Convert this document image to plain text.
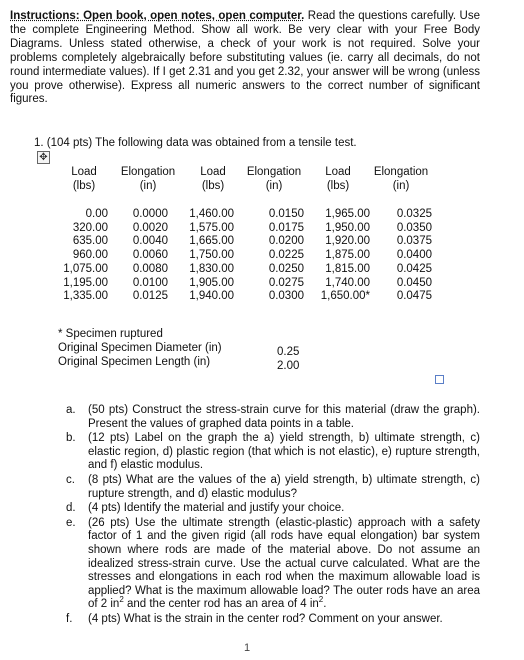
Instructions: Open book, open notes, open computer. Read the questions carefully. Use the complete Engineering Method. Show all work. Be very clear with your Free Body Diagrams. Unless stated otherwise, a check of your work is not required. Solve your problems completely algebraically before substituting values (ie. carry all decimals, do not round intermediate values). If I get 2.31 and you get 2.32, your answer will be wrong (unless you prove otherwise). Express all numeric answers to the correct number of significant figures.
1. (104 pts) The following data was obtained from a tensile test.
✥
Load
(lbs)
Elongation
(in)
Load
(lbs)
Elongation
(in)
Load
(lbs)
Elongation
(in)
0.00
320.00
635.00
960.00
1,075.00
1,195.00
1,335.00
0.0000
0.0020
0.0040
0.0060
0.0080
0.0100
0.0125
1,460.00
1,575.00
1,665.00
1,750.00
1,830.00
1,905.00
1,940.00
0.0150
0.0175
0.0200
0.0225
0.0250
0.0275
0.0300
1,965.00
1,950.00
1,920.00
1,875.00
1,815.00
1,740.00
1,650.00*
0.0325
0.0350
0.0375
0.0400
0.0425
0.0450
0.0475
* Specimen ruptured
Original Specimen Diameter (in)
Original Specimen Length (in)
0.25
2.00
a. (50 pts) Construct the stress-strain curve for this material (draw the graph). Present the values of graphed data points in a table.
b. (12 pts) Label on the graph the a) yield strength, b) ultimate strength, c) elastic region, d) plastic region (that which is not elastic), e) rupture strength, and f) elastic modulus.
c. (8 pts) What are the values of the a) yield strength, b) ultimate strength, c) rupture strength, and d) elastic modulus?
d. (4 pts) Identify the material and justify your choice.
e. (26 pts) Use the ultimate strength (elastic-plastic) approach with a safety factor of 1 and the given rigid (all rods have equal elongation) bar system shown where rods are made of the material above. Do not assume an idealized stress-strain curve. Use the actual curve calculated. What are the stresses and elongations in each rod when the maximum allowable load is applied? What is the maximum allowable load? The outer rods have an area of 2 $in^2$ and the center rod has an area of 4 $in^2$.
f. (4 pts) What is the strain in the center rod? Comment on your answer.
1
